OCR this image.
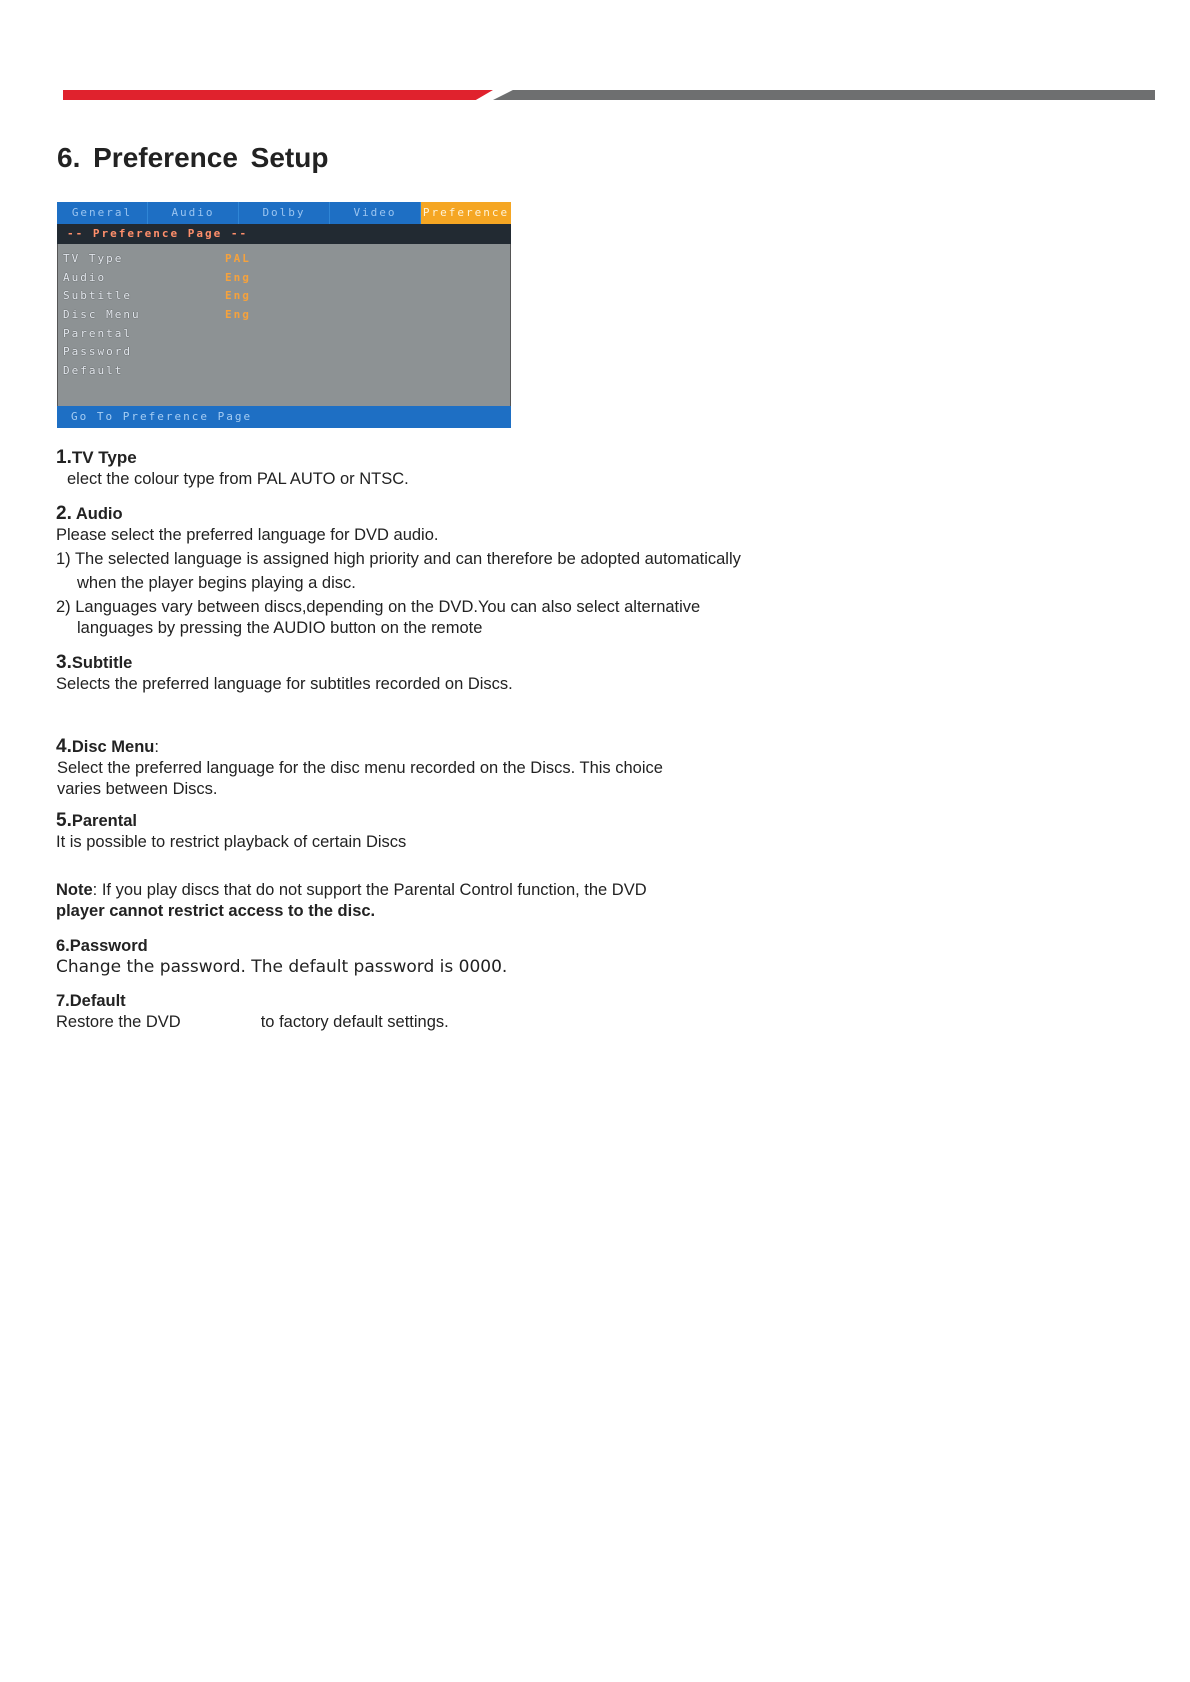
6. Preference Setup
General	Audio	Dolby	Video	Preference
-- Preference Page --
TV Type	PAL
Audio	Eng
Subtitle	Eng
Disc Menu	Eng
Parental
Password
Default
Go To Preference Page
1.TV Type
elect the colour type from PAL AUTO or NTSC.
2. Audio
Please select the preferred language for DVD audio.
1) The selected language is assigned high priority and can therefore be adopted automatically
when the player begins playing a disc.
2) Languages vary between discs,depending on the DVD.You can also select alternative
languages by pressing the AUDIO button on the remote
3.Subtitle
Selects the preferred language for subtitles recorded on Discs.
4.Disc Menu:
Select the preferred language for the disc menu recorded on the Discs. This choice
varies between Discs.
5.Parental
It is possible to restrict playback of certain Discs
Note: If you play discs that do not support the Parental Control function, the DVD
player cannot restrict access to the disc.
6.Password
Change the password. The default password is 0000.
7.Default
Restore the DVD	to factory default settings.
